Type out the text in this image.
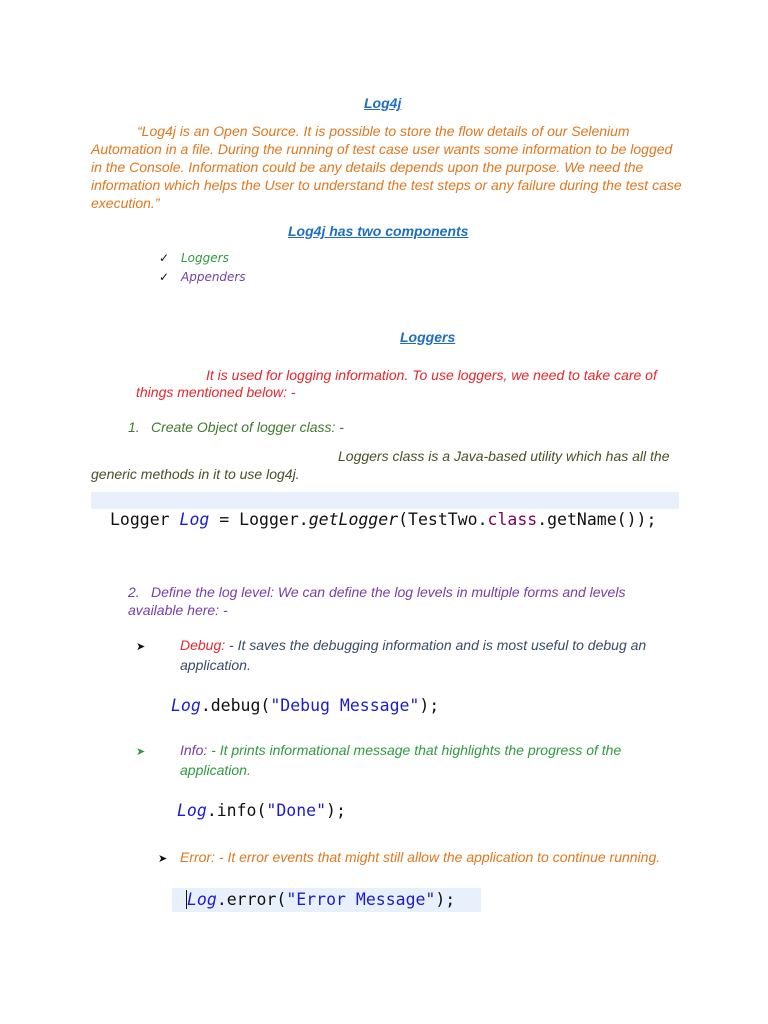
Log4j
“Log4j is an Open Source. It is possible to store the flow details of our Selenium Automation in a file. During the running of test case user wants some information to be logged in the Console. Information could be any details depends upon the purpose. We need the information which helps the User to understand the test steps or any failure during the test case execution.”
Log4j has two components
✓ Loggers
✓ Appenders
Loggers
It is used for logging information. To use loggers, we need to take care of things mentioned below: -
1. Create Object of logger class: -
Loggers class is a Java-based utility which has all the generic methods in it to use log4j.
Logger Log = Logger.getLogger(TestTwo.class.getName());
2. Define the log level: We can define the log levels in multiple forms and levels available here: -
➤ Debug: - It saves the debugging information and is most useful to debug an application.
Log.debug("Debug Message");
➤ Info: - It prints informational message that highlights the progress of the application.
Log.info("Done");
➤ Error: - It error events that might still allow the application to continue running.
Log.error("Error Message");
